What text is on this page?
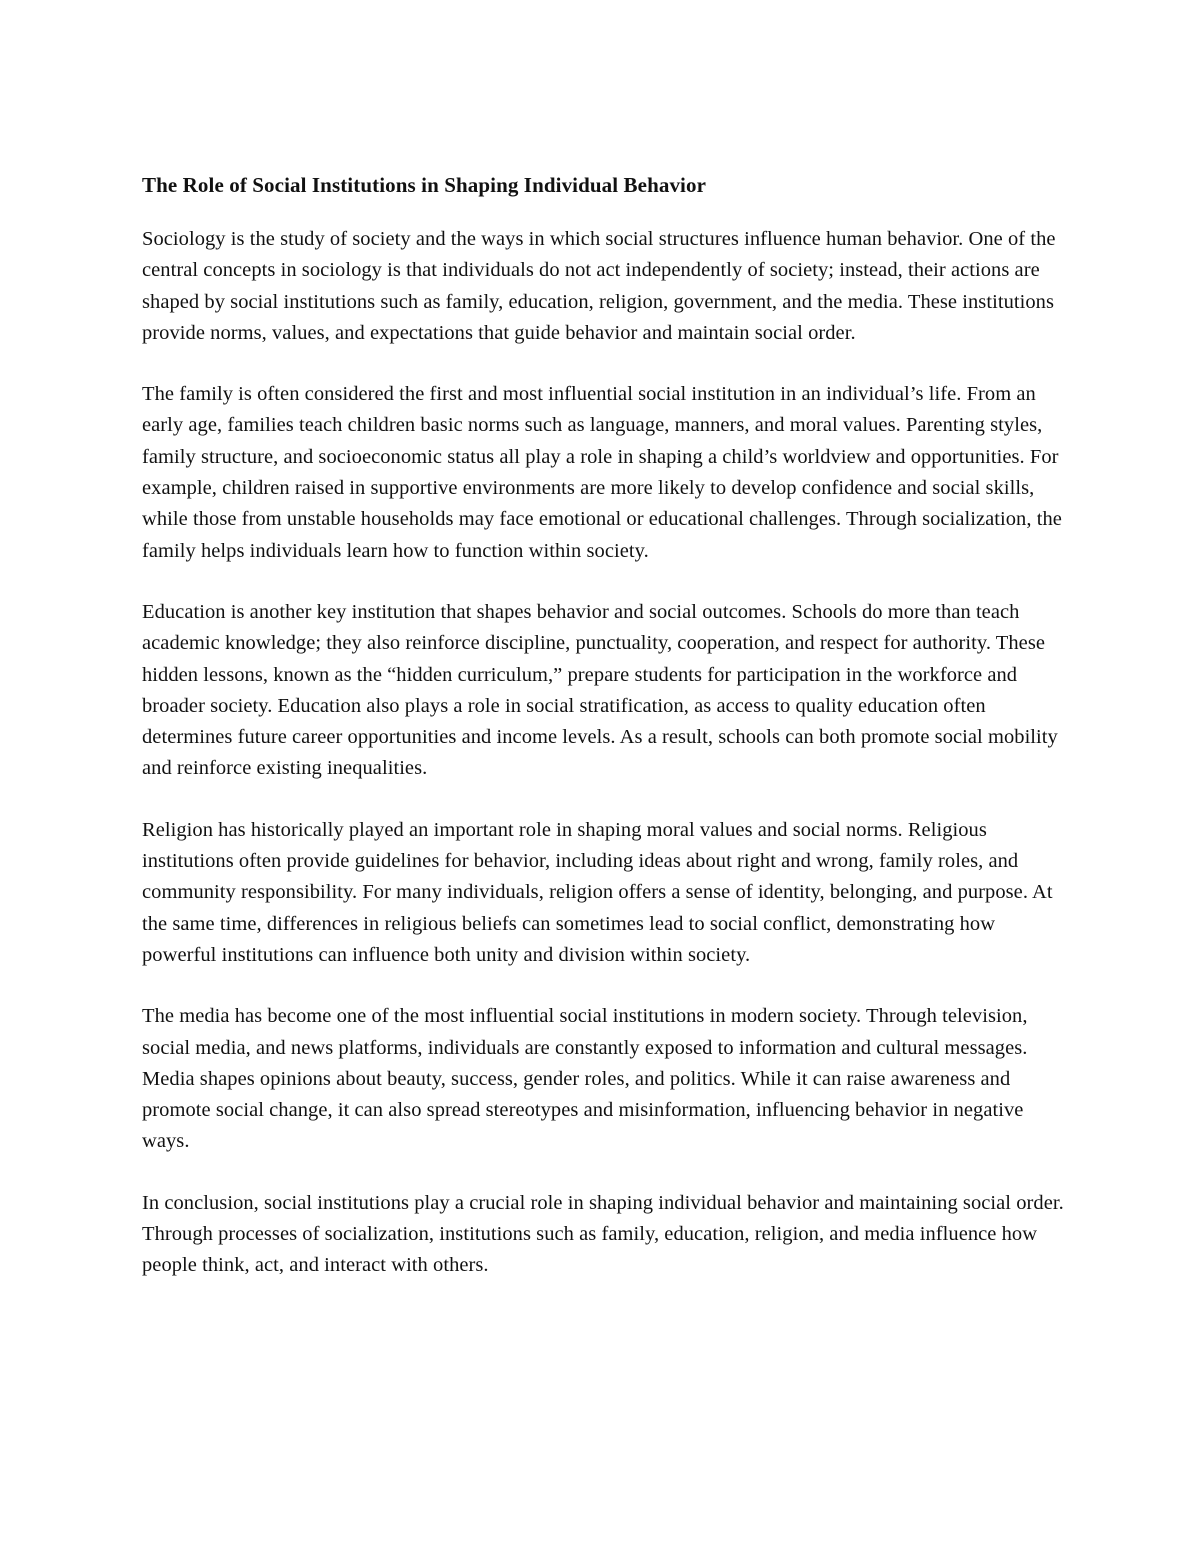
The Role of Social Institutions in Shaping Individual Behavior

Sociology is the study of society and the ways in which social structures influence human behavior. One of the central concepts in sociology is that individuals do not act independently of society; instead, their actions are shaped by social institutions such as family, education, religion, government, and the media. These institutions provide norms, values, and expectations that guide behavior and maintain social order.

The family is often considered the first and most influential social institution in an individual’s life. From an early age, families teach children basic norms such as language, manners, and moral values. Parenting styles, family structure, and socioeconomic status all play a role in shaping a child’s worldview and opportunities. For example, children raised in supportive environments are more likely to develop confidence and social skills, while those from unstable households may face emotional or educational challenges. Through socialization, the family helps individuals learn how to function within society.

Education is another key institution that shapes behavior and social outcomes. Schools do more than teach academic knowledge; they also reinforce discipline, punctuality, cooperation, and respect for authority. These hidden lessons, known as the “hidden curriculum,” prepare students for participation in the workforce and broader society. Education also plays a role in social stratification, as access to quality education often determines future career opportunities and income levels. As a result, schools can both promote social mobility and reinforce existing inequalities.

Religion has historically played an important role in shaping moral values and social norms. Religious institutions often provide guidelines for behavior, including ideas about right and wrong, family roles, and community responsibility. For many individuals, religion offers a sense of identity, belonging, and purpose. At the same time, differences in religious beliefs can sometimes lead to social conflict, demonstrating how powerful institutions can influence both unity and division within society.

The media has become one of the most influential social institutions in modern society. Through television, social media, and news platforms, individuals are constantly exposed to information and cultural messages. Media shapes opinions about beauty, success, gender roles, and politics. While it can raise awareness and promote social change, it can also spread stereotypes and misinformation, influencing behavior in negative ways.

In conclusion, social institutions play a crucial role in shaping individual behavior and maintaining social order. Through processes of socialization, institutions such as family, education, religion, and media influence how people think, act, and interact with others.
